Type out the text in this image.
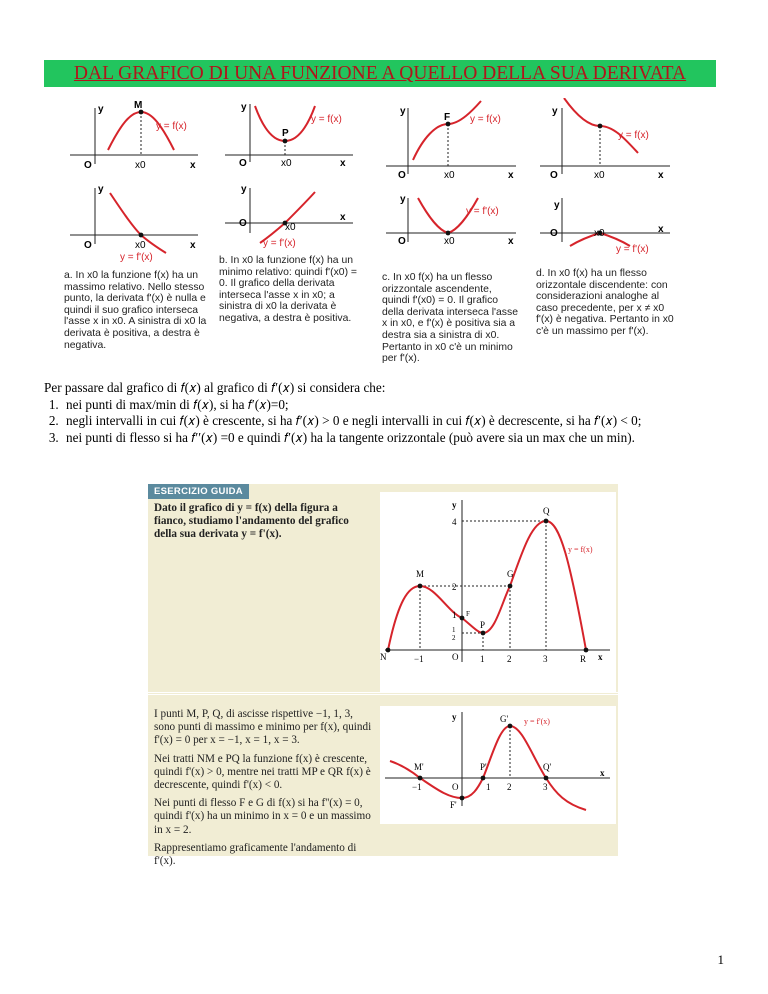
DAL GRAFICO DI UNA FUNZIONE A QUELLO DELLA SUA DERIVATA
y	M
y = f(x)
O	x0	x
y
O	x0	x
y = f'(x)
a. In x0 la funzione f(x) ha un massimo relativo. Nello stesso punto, la derivata f'(x) è nulla e quindi il suo grafico interseca l'asse x in x0. A sinistra di x0 la derivata è positiva, a destra è negativa.
y
P
y = f(x)
O	x0	x
y
O	x0
x
y = f'(x)
b. In x0 la funzione f(x) ha un minimo relativo: quindi f'(x0) = 0. Il grafico della derivata interseca l'asse x in x0; a sinistra di x0 la derivata è negativa, a destra è positiva.
y
F y = f(x)
O	x0	x
y
y = f'(x)
O	x0	x
c. In x0 f(x) ha un flesso orizzontale ascendente, quindi f'(x0) = 0. Il grafico della derivata interseca l'asse x in x0, e f'(x) è positiva sia a destra sia a sinistra di x0. Pertanto in x0 c'è un minimo per f'(x).
y
y = f(x)
O	x0	x
y
O	x0	x
y = f'(x)
d. In x0 f(x) ha un flesso orizzontale discendente: con considerazioni analoghe al caso precedente, per x ≠ x0 f'(x) è negativa. Pertanto in x0 c'è un massimo per f'(x).
Per passare dal grafico di 𝑓(𝑥) al grafico di 𝑓′(𝑥) si considera che:
1. nei punti di max/min di 𝑓(𝑥), si ha 𝑓′(𝑥)=0;
2. negli intervalli in cui 𝑓(𝑥) è crescente, si ha 𝑓′(𝑥) > 0 e negli intervalli in cui 𝑓(𝑥) è decrescente, si ha 𝑓′(𝑥) < 0;
3. nei punti di flesso si ha 𝑓′′(𝑥) =0 e quindi 𝑓′(𝑥) ha la tangente orizzontale (può avere sia un max che un min).
ESERCIZIO GUIDA

Dato il grafico di y = f(x) della figura a fianco, studiamo l'andamento del grafico della sua derivata y = f'(x).

y
4
2
1
1
2
M	G
Q
F
P
N	R x
O
−1	1	2	3
y = f(x)

I punti M, P, Q, di ascisse rispettive −1, 1, 3, sono punti di massimo e minimo per f(x), quindi f'(x) = 0 per x = −1, x = 1, x = 3.

Nei tratti NM e PQ la funzione f(x) è crescente, quindi f'(x) > 0, mentre nei tratti MP e QR f(x) è decrescente, quindi f'(x) < 0.

Nei punti di flesso F e G di f(x) si ha f''(x) = 0, quindi f'(x) ha un minimo in x = 0 e un massimo in x = 2.

Rappresentiamo graficamente l'andamento di f'(x).

y
M'	P'	Q'
G' y = f'(x)
F'
O
−1	1 2	3
x
1
